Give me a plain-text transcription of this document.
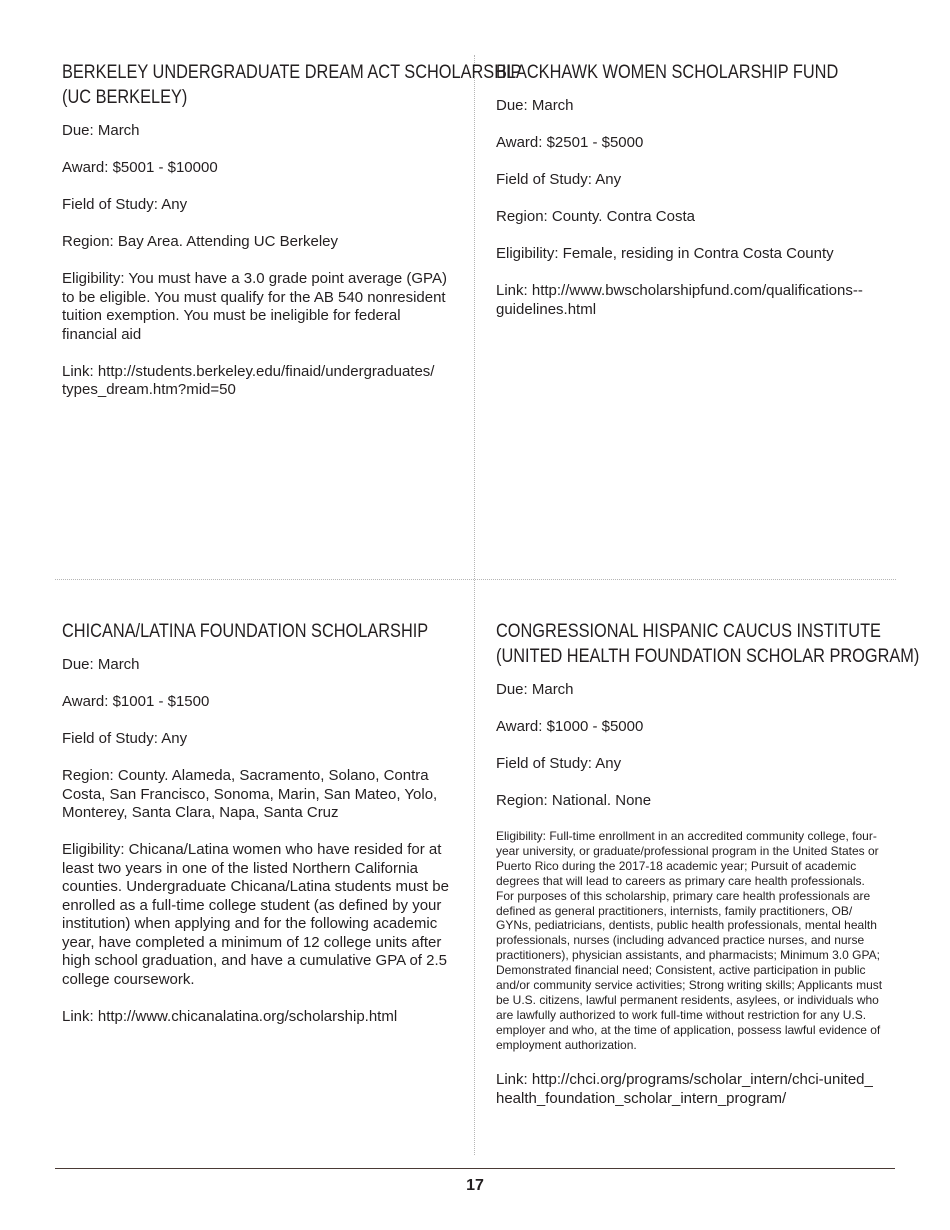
BERKELEY UNDERGRADUATE DREAM ACT SCHOLARSHIP
(UC BERKELEY)

Due: March

Award: $5001 - $10000

Field of Study: Any

Region: Bay Area. Attending UC Berkeley

Eligibility: You must have a 3.0 grade point average (GPA) to be eligible. You must qualify for the AB 540 nonresident tuition exemption. You must be ineligible for federal financial aid

Link: http://students.berkeley.edu/finaid/undergraduates/ types_dream.htm?mid=50

BLACKHAWK WOMEN SCHOLARSHIP FUND

Due: March

Award: $2501 - $5000

Field of Study: Any

Region: County. Contra Costa

Eligibility: Female, residing in Contra Costa County

Link: http://www.bwscholarshipfund.com/qualifications-- guidelines.html

CHICANA/LATINA FOUNDATION SCHOLARSHIP

Due: March

Award: $1001 - $1500

Field of Study: Any

Region: County. Alameda, Sacramento, Solano, Contra Costa, San Francisco, Sonoma, Marin, San Mateo, Yolo, Monterey, Santa Clara, Napa, Santa Cruz

Eligibility: Chicana/Latina women who have resided for at least two years in one of the listed Northern California counties. Undergraduate Chicana/Latina students must be enrolled as a full-time college student (as defined by your institution) when applying and for the following academic year, have completed a minimum of 12 college units after high school graduation, and have a cumulative GPA of 2.5 college coursework.

Link: http://www.chicanalatina.org/scholarship.html

CONGRESSIONAL HISPANIC CAUCUS INSTITUTE
(UNITED HEALTH FOUNDATION SCHOLAR PROGRAM)

Due: March

Award: $1000 - $5000

Field of Study: Any

Region: National. None

Eligibility: Full-time enrollment in an accredited community college, four-year university, or graduate/professional program in the United States or Puerto Rico during the 2017-18 academic year; Pursuit of academic degrees that will lead to careers as primary care health professionals. For purposes of this scholarship, primary care health professionals are defined as general practitioners, internists, family practitioners, OB/ GYNs, pediatricians, dentists, public health professionals, mental health professionals, nurses (including advanced practice nurses, and nurse practitioners), physician assistants, and pharmacists; Minimum 3.0 GPA; Demonstrated financial need; Consistent, active participation in public and/or community service activities; Strong writing skills; Applicants must be U.S. citizens, lawful permanent residents, asylees, or individuals who are lawfully authorized to work full-time without restriction for any U.S. employer and who, at the time of application, possess lawful evidence of employment authorization.

Link: http://chci.org/programs/scholar_intern/chci-united_ health_foundation_scholar_intern_program/

17
